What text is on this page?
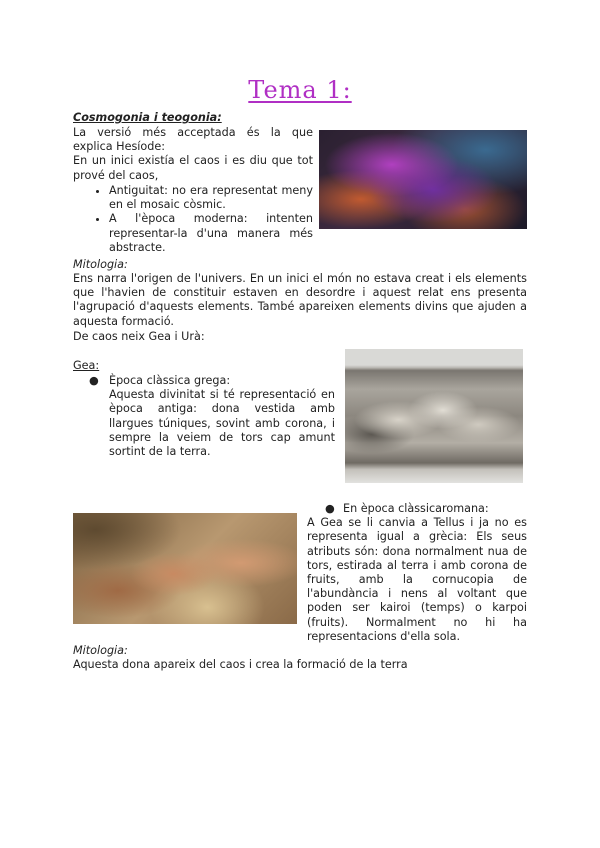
Tema 1:
Cosmogonia i teogonia:
La versió més acceptada és la que
explica Hesíode:
En un inici existía el caos i es diu que tot
prové del caos,
• Antiguitat: no era representat meny en el mosaic còsmic.
• A l'època moderna: intenten representar-la d'una manera més abstracte.
Mitologia:
Ens narra l'origen de l'univers. En un inici el món no estava creat i els elements que l'havien de constituir estaven en desordre i aquest relat ens presenta l'agrupació d'aquests elements. També apareixen elements divins que ajuden a aquesta formació.
De caos neix Gea i Urà:
Gea:
● Època clàssica grega:
Aquesta divinitat si té representació en època antiga: dona vestida amb llargues túniques, sovint amb corona, i sempre la veiem de tors cap amunt sortint de la terra.
● En època clàssicaromana:
A Gea se li canvia a Tellus i ja no es representa igual a grècia: Els seus atributs són: dona normalment nua de tors, estirada al terra i amb corona de fruits, amb la cornucopia de l'abundància i nens al voltant que poden ser kairoi (temps) o karpoi (fruits). Normalment no hi ha representacions d'ella sola.
Mitologia:
Aquesta dona apareix del caos i crea la formació de la terra
